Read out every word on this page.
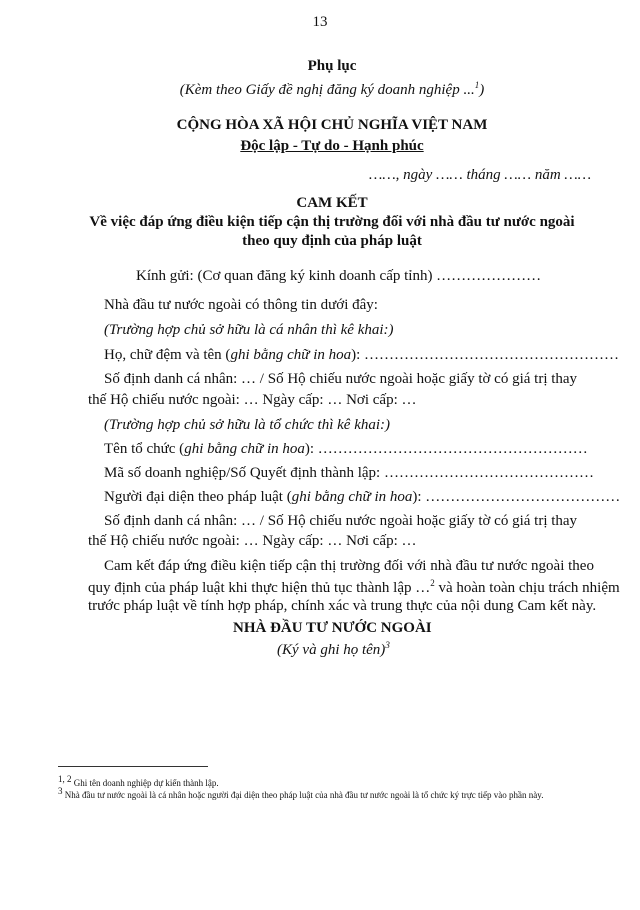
13
Phụ lục
(Kèm theo Giấy đề nghị đăng ký doanh nghiệp ...$^1$)
CỘNG HÒA XÃ HỘI CHỦ NGHĨA VIỆT NAM
Độc lập - Tự do - Hạnh phúc
……, ngày …… tháng …… năm ……
CAM KẾT
Về việc đáp ứng điều kiện tiếp cận thị trường đối với nhà đầu tư nước ngoài
theo quy định của pháp luật
Kính gửi: (Cơ quan đăng ký kinh doanh cấp tỉnh) …………………
Nhà đầu tư nước ngoài có thông tin dưới đây:
(Trường hợp chủ sở hữu là cá nhân thì kê khai:)
Họ, chữ đệm và tên (ghi bằng chữ in hoa): ……………………………………………
Số định danh cá nhân: … / Số Hộ chiếu nước ngoài hoặc giấy tờ có giá trị thay
thế Hộ chiếu nước ngoài: … Ngày cấp: … Nơi cấp: …
(Trường hợp chủ sở hữu là tổ chức thì kê khai:)
Tên tổ chức (ghi bằng chữ in hoa): ………………………………………………
Mã số doanh nghiệp/Số Quyết định thành lập: ……………………………………
Người đại diện theo pháp luật (ghi bằng chữ in hoa): …………………………………
Số định danh cá nhân: … / Số Hộ chiếu nước ngoài hoặc giấy tờ có giá trị thay
thế Hộ chiếu nước ngoài: … Ngày cấp: … Nơi cấp: …
Cam kết đáp ứng điều kiện tiếp cận thị trường đối với nhà đầu tư nước ngoài theo
quy định của pháp luật khi thực hiện thủ tục thành lập …$^2$ và hoàn toàn chịu trách nhiệm
trước pháp luật về tính hợp pháp, chính xác và trung thực của nội dung Cam kết này.
NHÀ ĐẦU TƯ NƯỚC NGOÀI
(Ký và ghi họ tên)$^3$
1, 2 Ghi tên doanh nghiệp dự kiến thành lập.
3 Nhà đầu tư nước ngoài là cá nhân hoặc người đại diện theo pháp luật của nhà đầu tư nước ngoài là tổ chức ký trực tiếp vào phần này.
